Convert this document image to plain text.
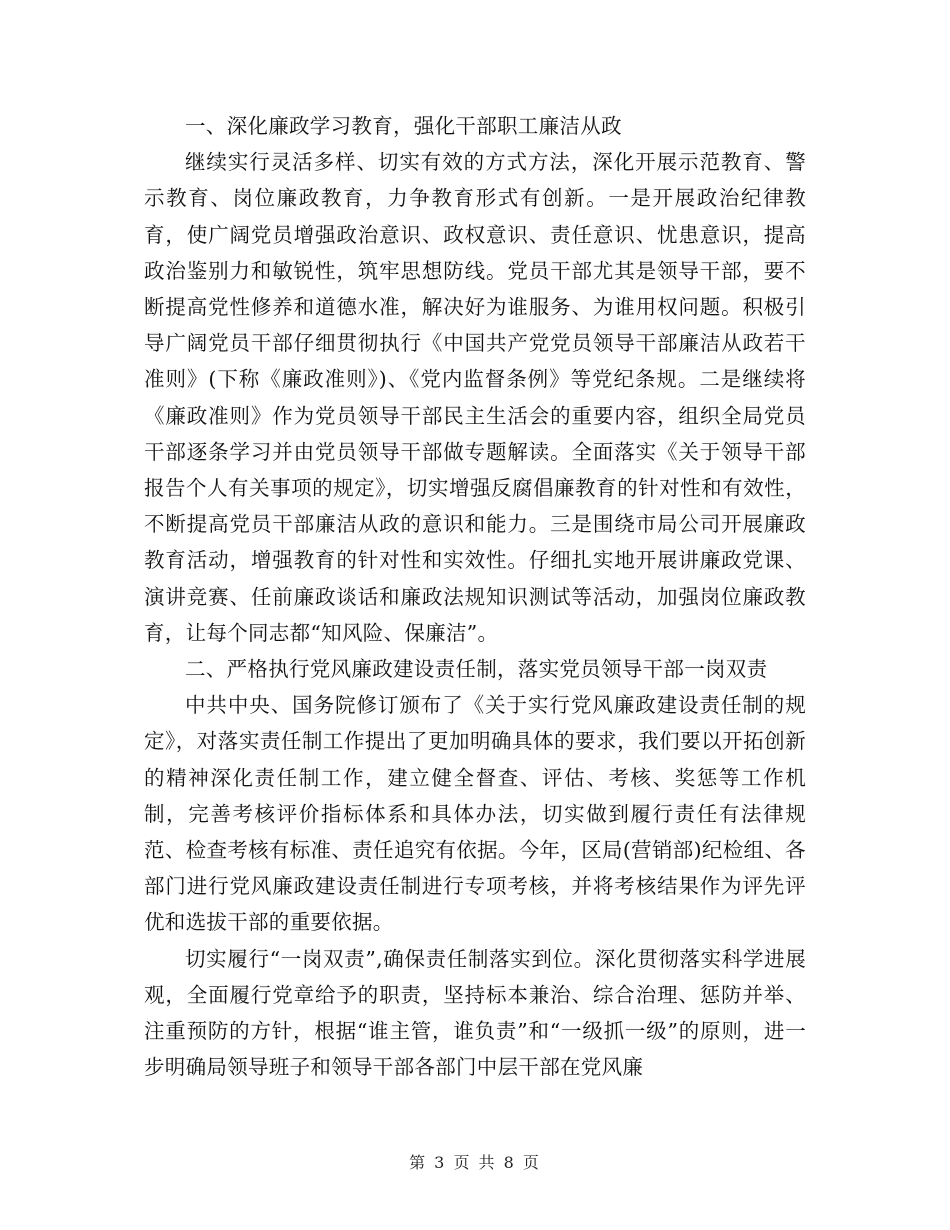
一、深化廉政学习教育，强化干部职工廉洁从政

继续实行灵活多样、切实有效的方式方法，深化开展示范教育、警示教育、岗位廉政教育，力争教育形式有创新。一是开展政治纪律教育，使广阔党员增强政治意识、政权意识、责任意识、忧患意识，提高政治鉴别力和敏锐性，筑牢思想防线。党员干部尤其是领导干部，要不断提高党性修养和道德水准，解决好为谁服务、为谁用权问题。积极引导广阔党员干部仔细贯彻执行《中国共产党党员领导干部廉洁从政若干准则》(下称《廉政准则》)、《党内监督条例》等党纪条规。二是继续将《廉政准则》作为党员领导干部民主生活会的重要内容，组织全局党员干部逐条学习并由党员领导干部做专题解读。全面落实《关于领导干部报告个人有关事项的规定》，切实增强反腐倡廉教育的针对性和有效性，不断提高党员干部廉洁从政的意识和能力。三是围绕市局公司开展廉政教育活动，增强教育的针对性和实效性。仔细扎实地开展讲廉政党课、演讲竞赛、任前廉政谈话和廉政法规知识测试等活动，加强岗位廉政教育，让每个同志都“知风险、保廉洁”。

二、严格执行党风廉政建设责任制，落实党员领导干部一岗双责

中共中央、国务院修订颁布了《关于实行党风廉政建设责任制的规定》，对落实责任制工作提出了更加明确具体的要求，我们要以开拓创新的精神深化责任制工作，建立健全督查、评估、考核、奖惩等工作机制，完善考核评价指标体系和具体办法，切实做到履行责任有法律规范、检查考核有标准、责任追究有依据。今年，区局(营销部)纪检组、各部门进行党风廉政建设责任制进行专项考核，并将考核结果作为评先评优和选拔干部的重要依据。

切实履行“一岗双责”,确保责任制落实到位。深化贯彻落实科学进展观，全面履行党章给予的职责，坚持标本兼治、综合治理、惩防并举、注重预防的方针，根据“谁主管，谁负责”和“一级抓一级”的原则，进一步明确局领导班子和领导干部各部门中层干部在党风廉

第 3 页 共 8 页
